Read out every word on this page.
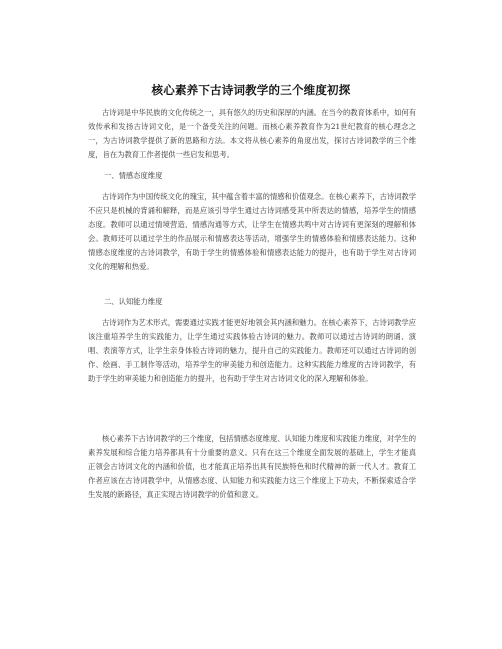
核心素养下古诗词教学的三个维度初探

古诗词是中华民族的文化传统之一，具有悠久的历史和深厚的内涵。在当今的教育体系中，如何有效传承和发扬古诗词文化，是一个备受关注的问题。而核心素养教育作为21世纪教育的核心理念之一，为古诗词教学提供了新的思路和方法。本文将从核心素养的角度出发，探讨古诗词教学的三个维度，旨在为教育工作者提供一些启发和思考。

一、情感态度维度

古诗词作为中国传统文化的瑰宝，其中蕴含着丰富的情感和价值观念。在核心素养下，古诗词教学不应只是机械的背诵和解释，而是应该引导学生通过古诗词感受其中所表达的情感，培养学生的情感态度。教师可以通过情境营造、情感沟通等方式，让学生在情感共鸣中对古诗词有更深刻的理解和体会。教师还可以通过学生的作品展示和情感表达等活动，增强学生的情感体验和情感表达能力。这种情感态度维度的古诗词教学，有助于学生的情感体验和情感表达能力的提升，也有助于学生对古诗词文化的理解和热爱。

二、认知能力维度

古诗词作为艺术形式，需要通过实践才能更好地领会其内涵和魅力。在核心素养下，古诗词教学应该注重培养学生的实践能力，让学生通过实践体验古诗词的魅力。教师可以通过古诗词的朗诵、演唱、表演等方式，让学生亲身体验古诗词的魅力，提升自己的实践能力。教师还可以通过古诗词的创作、绘画、手工制作等活动，培养学生的审美能力和创造能力。这种实践能力维度的古诗词教学，有助于学生的审美能力和创造能力的提升，也有助于学生对古诗词文化的深入理解和体验。

核心素养下古诗词教学的三个维度，包括情感态度维度、认知能力维度和实践能力维度，对学生的素养发展和综合能力培养都具有十分重要的意义。只有在这三个维度全面发展的基础上，学生才能真正领会古诗词文化的内涵和价值，也才能真正培养出具有民族特色和时代精神的新一代人才。教育工作者应该在古诗词教学中，从情感态度、认知能力和实践能力这三个维度上下功夫，不断探索适合学生发展的新路径，真正实现古诗词教学的价值和意义。
